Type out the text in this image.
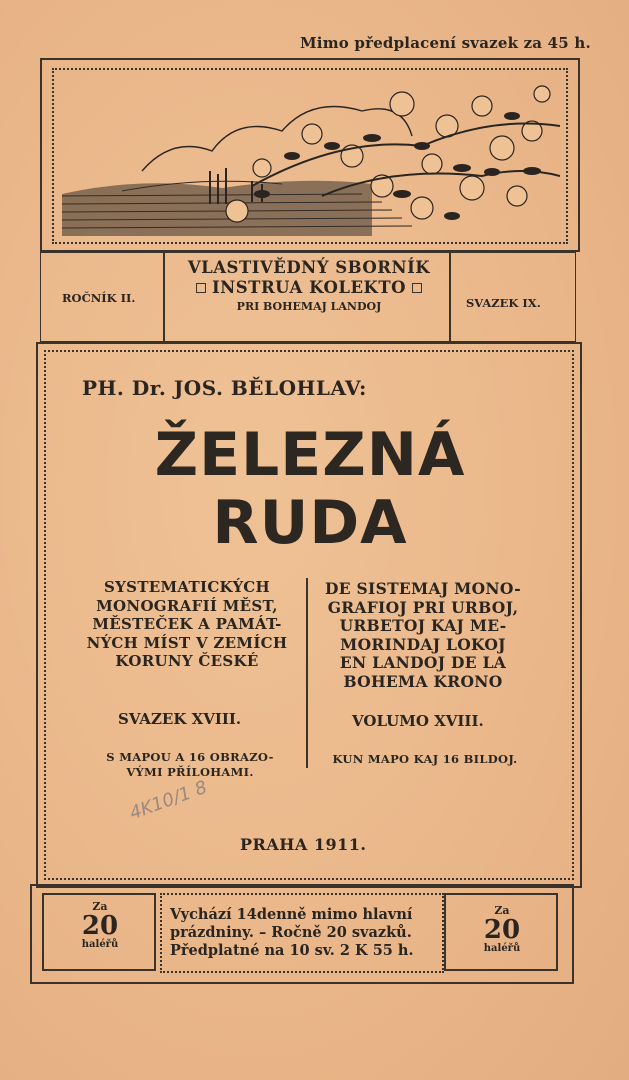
Mimo předplacení svazek za 45 h.
ROČNÍK II.
VLASTIVĚDNÝ SBORNÍK
INSTRUA KOLEKTO
PRI BOHEMAJ LANDOJ	SVAZEK IX.
PH. Dr. JOS. BĚLOHLAV:
ŽELEZNÁ
RUDA
SYSTEMATICKÝCH
MONOGRAFIÍ MĚST,
MĚSTEČEK A PAMÁT-
NÝCH MÍST V ZEMÍCH
KORUNY ČESKÉ
DE SISTEMAJ MONO-
GRAFIOJ PRI URBOJ,
URBETOJ KAJ ME-
MORINDAJ LOKOJ
EN LANDOJ DE LA
BOHEMA KRONO
SVAZEK XVIII.	VOLUMO XVIII.
S MAPOU A 16 OBRAZO-
VÝMI PŘÍLOHAMI.
KUN MAPO KAJ 16 BILDOJ.
4K10/1 8
PRAHA 1911.
Za
20
haléřů
Vychází 14denně mimo hlavní
prázdniny. – Ročně 20 svazků.
Předplatné na 10 sv. 2 K 55 h.
Za
20
haléřů
